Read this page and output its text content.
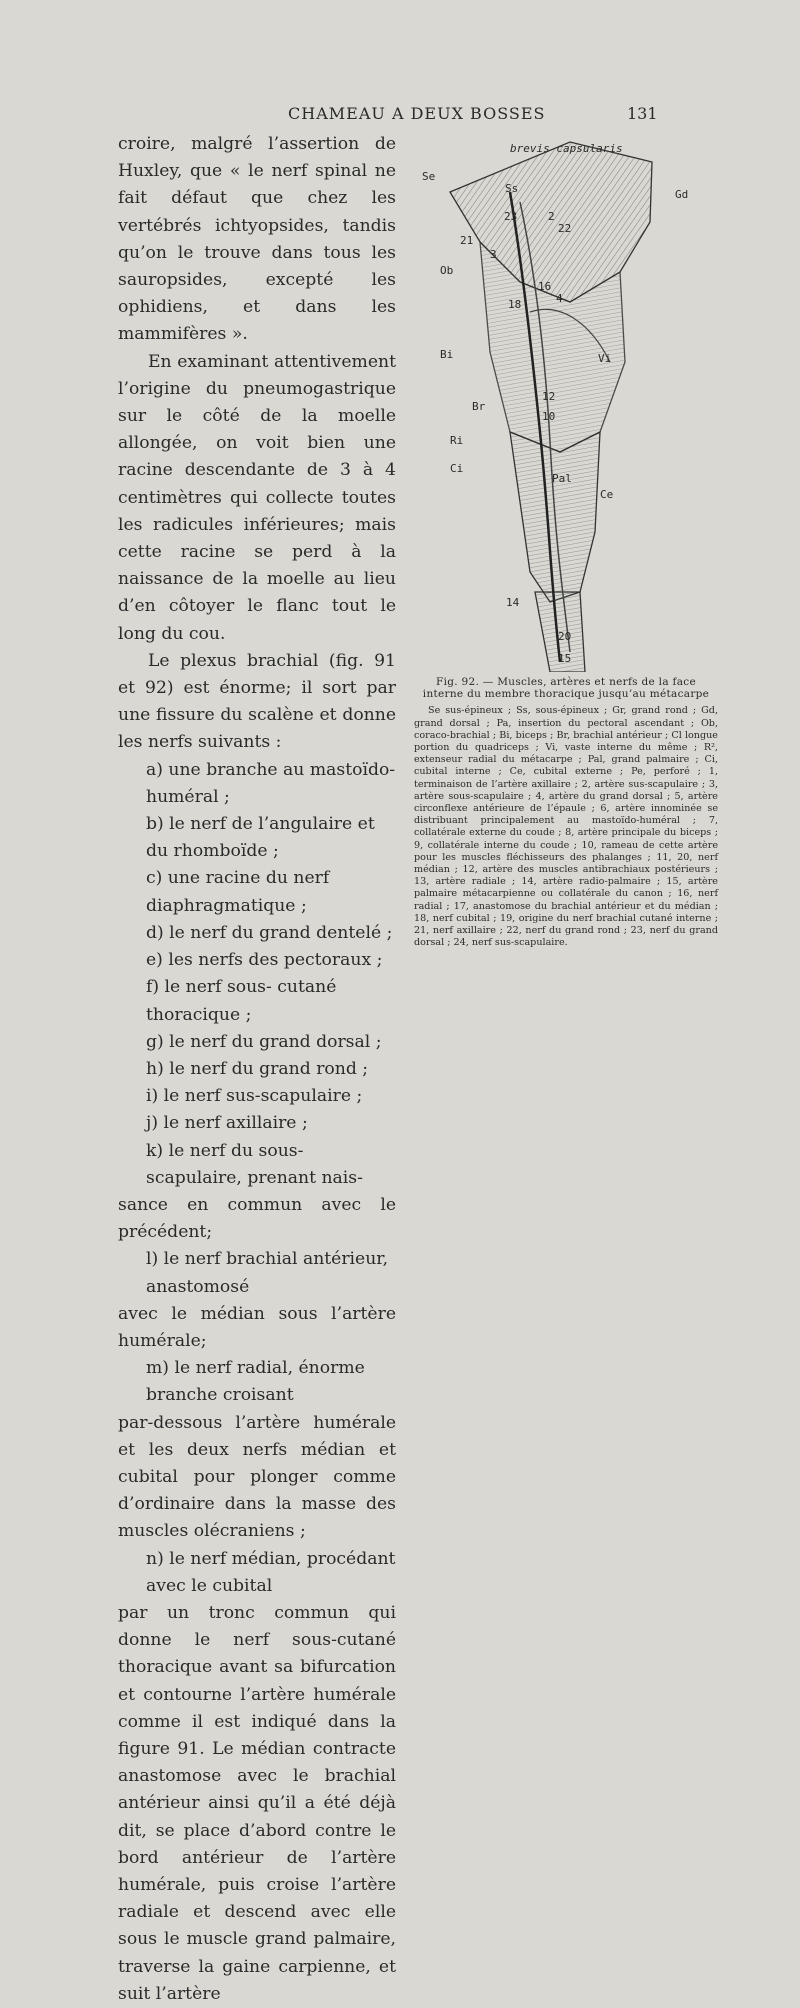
CHAMEAU A DEUX BOSSES	131

croire, malgré l’assertion de Huxley, que « le nerf spinal ne fait défaut que chez les vertébrés ichtyopsides, tandis qu’on le trouve dans tous les sauropsides, excepté les ophidiens, et dans les mammifères ».

En examinant attentivement l’origine du pneumogastrique sur le côté de la moelle allongée, on voit bien une racine descendante de 3 à 4 centimètres qui collecte toutes les radicules inférieures; mais cette racine se perd à la naissance de la moelle au lieu d’en côtoyer le flanc tout le long du cou.

Le plexus brachial (fig. 91 et 92) est énorme; il sort par une fissure du scalène et donne les nerfs suivants :

a) une branche au mastoïdo-huméral ;

b) le nerf de l’angulaire et du rhomboïde ;

c) une racine du nerf diaphragmatique ;

d) le nerf du grand dentelé ;

e) les nerfs des pectoraux ;

f) le nerf sous- cutané thoracique ;

g) le nerf du grand dorsal ;

h) le nerf du grand rond ;

i) le nerf sus-scapulaire ;

j) le nerf axillaire ;

k) le nerf du sous-scapulaire, prenant nais-

sance en commun avec le précédent;

l) le nerf brachial antérieur, anastomosé

avec le médian sous l’artère humérale;

m) le nerf radial, énorme branche croisant

par-dessous l’artère humérale et les deux nerfs médian et cubital pour plonger comme d’ordinaire dans la masse des muscles olécraniens ;

n) le nerf médian, procédant avec le cubital

par un tronc commun qui donne le nerf sous-cutané thoracique avant sa bifurcation et contourne l’artère humérale comme il est indiqué dans la figure 91. Le médian contracte anastomose avec le brachial antérieur ainsi qu’il a été déjà dit, se place d’abord contre le bord antérieur de l’artère humérale, puis croise l’artère radiale et descend avec elle sous le muscle grand palmaire, traverse la gaine carpienne, et suit l’artère

brevis capsularis
Se
Ss	Gd
23	2
22
21
3
Ob
16
4
18
Bi	Vi
Br
12
10
Ri
Ci
Pal
Ce
14
20
15
Fig. 92. — Muscles, artères et nerfs de la face interne du membre thoracique jusqu’au métacarpe
Se sus-épineux ; Ss, sous-épineux ; Gr, grand rond ; Gd, grand dorsal ; Pa, insertion du pectoral ascendant ; Ob, coraco-brachial ; Bi, biceps ; Br, brachial antérieur ; Cl longue portion du quadriceps ; Vi, vaste interne du même ; R², extenseur radial du métacarpe ; Pal, grand palmaire ; Ci, cubital interne ; Ce, cubital externe ; Pe, perforé ; 1, terminaison de l’artère axillaire ; 2, artère sus-scapulaire ; 3, artère sous-scapulaire ; 4, artère du grand dorsal ; 5, artère circonflexe antérieure de l’épaule ; 6, artère innominée se distribuant principalement au mastoïdo-huméral ; 7, collatérale externe du coude ; 8, artère principale du biceps ; 9, collatérale interne du coude ; 10, rameau de cette artère pour les muscles fléchisseurs des phalanges ; 11, 20, nerf médian ; 12, artère des muscles antibrachiaux postérieurs ; 13, artère radiale ; 14, artère radio-palmaire ; 15, artère palmaire métacarpienne ou collatérale du canon ; 16, nerf radial ; 17, anastomose du brachial antérieur et du médian ; 18, nerf cubital ; 19, origine du nerf brachial cutané interne ; 21, nerf axillaire ; 22, nerf du grand rond ; 23, nerf du grand dorsal ; 24, nerf sus-scapulaire.
